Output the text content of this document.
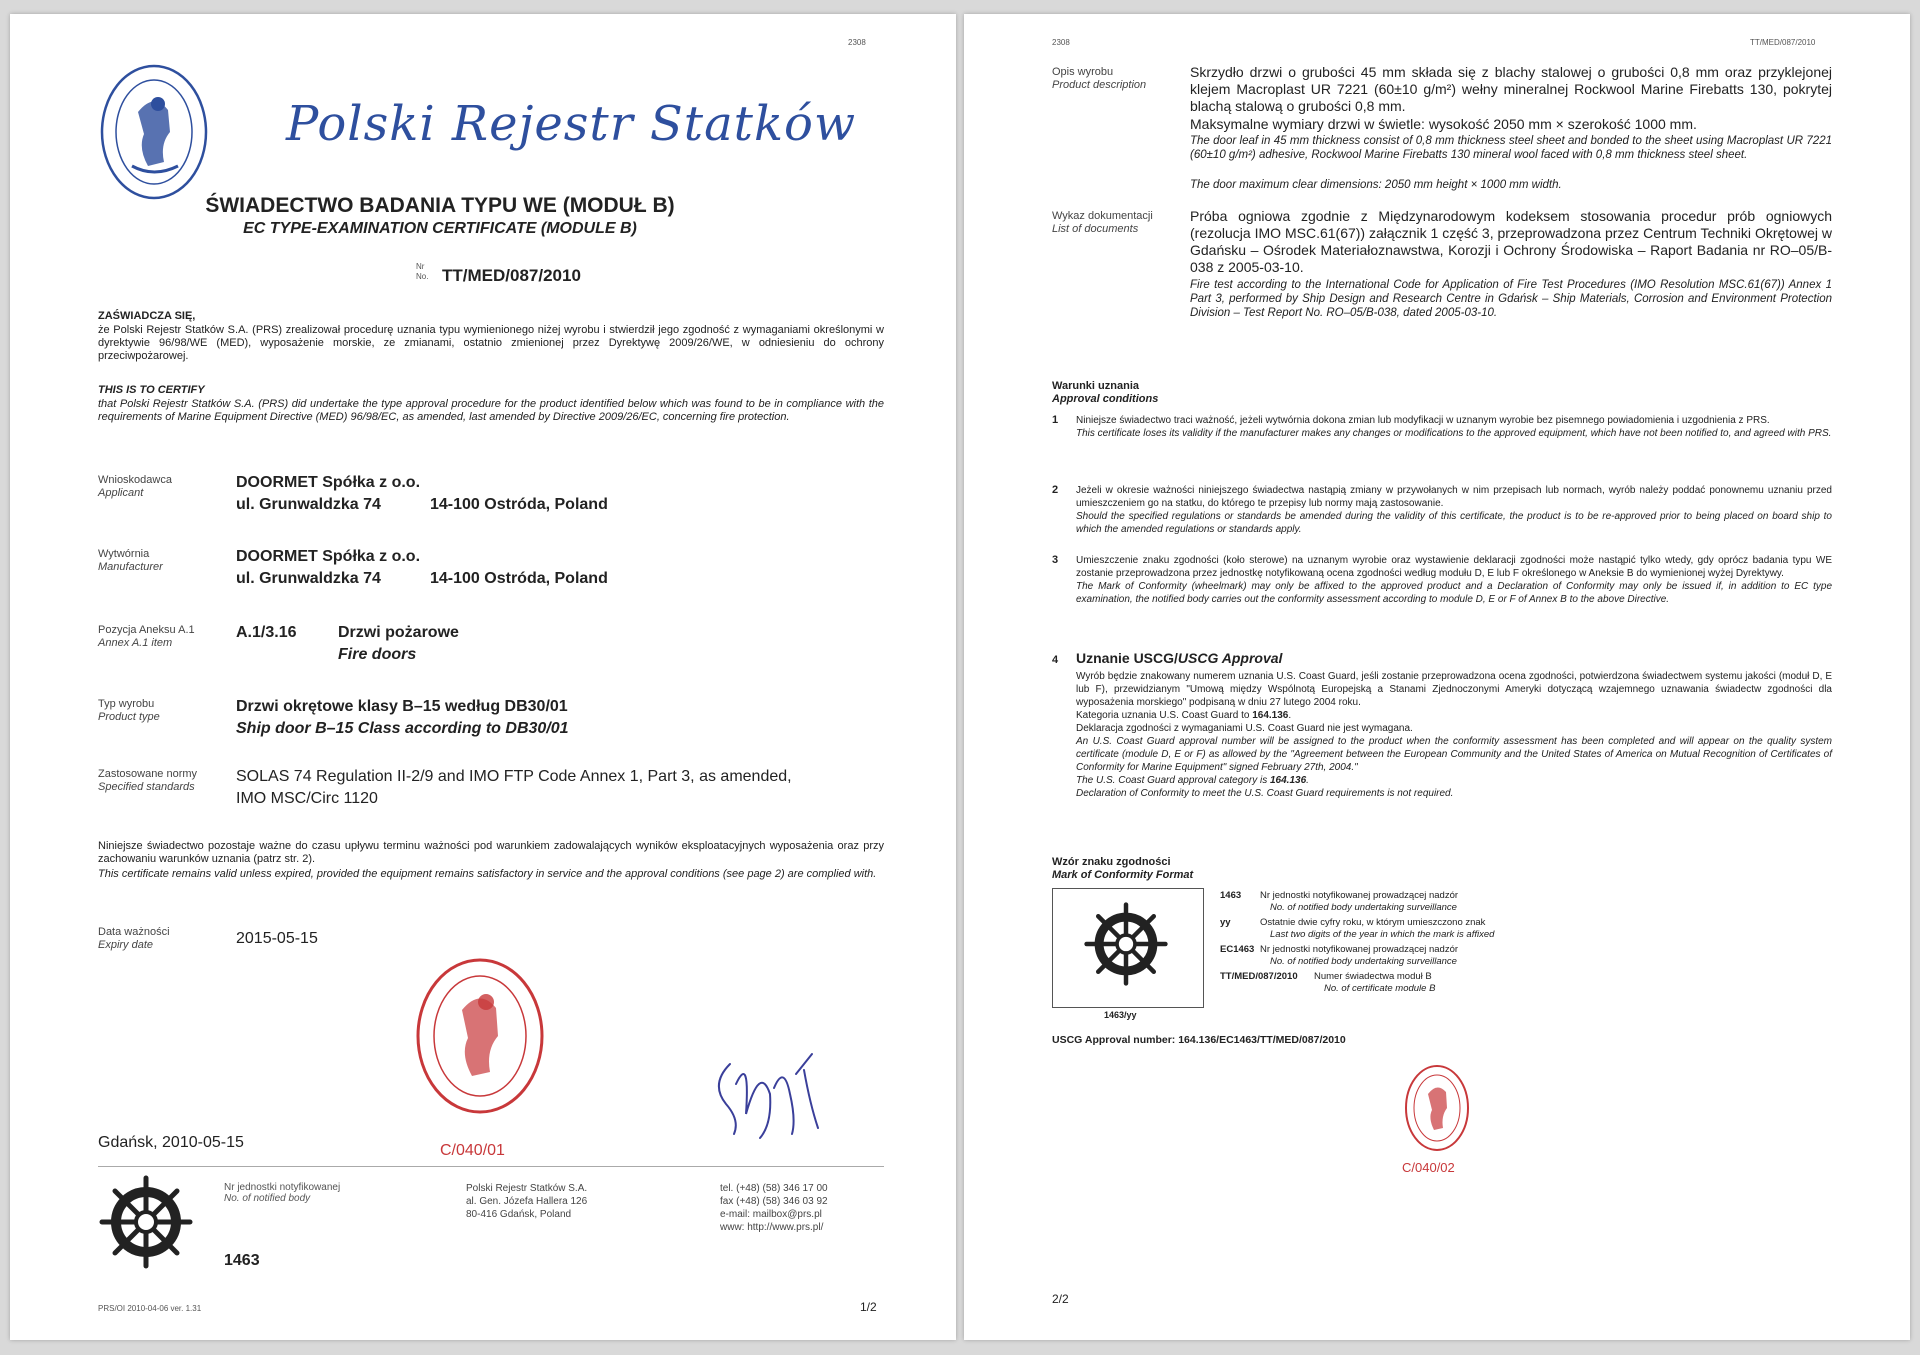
2308
Polski Rejestr Statków
ŚWIADECTWO BADANIA TYPU WE (MODUŁ B)
EC TYPE-EXAMINATION CERTIFICATE (MODULE B)
Nr
No. TT/MED/087/2010
ZAŚWIADCZA SIĘ,
że Polski Rejestr Statków S.A. (PRS) zrealizował procedurę uznania typu wymienionego niżej wyrobu i stwierdził jego zgodność z wymaganiami określonymi w dyrektywie 96/98/WE (MED), wyposażenie morskie, ze zmianami, ostatnio zmienionej przez Dyrektywę 2009/26/WE, w odniesieniu do ochrony przeciwpożarowej.
THIS IS TO CERTIFY
that Polski Rejestr Statków S.A. (PRS) did undertake the type approval procedure for the product identified below which was found to be in compliance with the requirements of Marine Equipment Directive (MED) 96/98/EC, as amended, last amended by Directive 2009/26/EC, concerning fire protection.
Wnioskodawca
Applicant
DOORMET Spółka z o.o.
ul. Grunwaldzka 74	14-100 Ostróda, Poland
Wytwórnia
Manufacturer
DOORMET Spółka z o.o.
ul. Grunwaldzka 74	14-100 Ostróda, Poland
Pozycja Aneksu A.1
Annex A.1 item
A.1/3.16	Drzwi pożarowe
Fire doors
Typ wyrobu
Product type
Drzwi okrętowe klasy B–15 według DB30/01
Ship door B–15 Class according to DB30/01
Zastosowane normy
Specified standards
SOLAS 74 Regulation II-2/9 and IMO FTP Code Annex 1, Part 3, as amended,
IMO MSC/Circ 1120
Niniejsze świadectwo pozostaje ważne do czasu upływu terminu ważności pod warunkiem zadowalających wyników eksploatacyjnych wyposażenia oraz przy zachowaniu warunków uznania (patrz str. 2).
This certificate remains valid unless expired, provided the equipment remains satisfactory in service and the approval conditions (see page 2) are complied with.
Data ważności
Expiry date	2015-05-15
C/040/01
Gdańsk, 2010-05-15
Nr jednostki notyfikowanej
No. of notified body
1463
Polski Rejestr Statków S.A.
al. Gen. Józefa Hallera 126
80-416 Gdańsk, Poland
tel. (+48) (58) 346 17 00
fax (+48) (58) 346 03 92
e-mail: mailbox@prs.pl
www: http://www.prs.pl/
PRS/OI 2010-04-06 ver. 1.31	1/2
2308	TT/MED/087/2010
Opis wyrobu
Product description
Skrzydło drzwi o grubości 45 mm składa się z blachy stalowej o grubości 0,8 mm oraz przyklejonej klejem Macroplast UR 7221 (60±10 g/m²) wełny mineralnej Rockwool Marine Firebatts 130, pokrytej blachą stalową o grubości 0,8 mm.
Maksymalne wymiary drzwi w świetle: wysokość 2050 mm × szerokość 1000 mm.
The door leaf in 45 mm thickness consist of 0,8 mm thickness steel sheet and bonded to the sheet using Macroplast UR 7221 (60±10 g/m²) adhesive, Rockwool Marine Firebatts 130 mineral wool faced with 0,8 mm thickness steel sheet.
The door maximum clear dimensions: 2050 mm height × 1000 mm width.
Wykaz dokumentacji
List of documents
Próba ogniowa zgodnie z Międzynarodowym kodeksem stosowania procedur prób ogniowych (rezolucja IMO MSC.61(67)) załącznik 1 część 3, przeprowadzona przez Centrum Techniki Okrętowej w Gdańsku – Ośrodek Materiałoznawstwa, Korozji i Ochrony Środowiska – Raport Badania nr RO–05/B-038 z 2005-03-10.
Fire test according to the International Code for Application of Fire Test Procedures (IMO Resolution MSC.61(67)) Annex 1 Part 3, performed by Ship Design and Research Centre in Gdańsk – Ship Materials, Corrosion and Environment Protection Division – Test Report No. RO–05/B-038, dated 2005-03-10.
Warunki uznania
Approval conditions
1 Niniejsze świadectwo traci ważność, jeżeli wytwórnia dokona zmian lub modyfikacji w uznanym wyrobie bez pisemnego powiadomienia i uzgodnienia z PRS.
This certificate loses its validity if the manufacturer makes any changes or modifications to the approved equipment, which have not been notified to, and agreed with PRS.
2 Jeżeli w okresie ważności niniejszego świadectwa nastąpią zmiany w przywołanych w nim przepisach lub normach, wyrób należy poddać ponownemu uznaniu przed umieszczeniem go na statku, do którego te przepisy lub normy mają zastosowanie.
Should the specified regulations or standards be amended during the validity of this certificate, the product is to be re-approved prior to being placed on board ship to which the amended regulations or standards apply.
3 Umieszczenie znaku zgodności (koło sterowe) na uznanym wyrobie oraz wystawienie deklaracji zgodności może nastąpić tylko wtedy, gdy oprócz badania typu WE zostanie przeprowadzona przez jednostkę notyfikowaną ocena zgodności według modułu D, E lub F określonego w Aneksie B do wymienionej wyżej Dyrektywy.
The Mark of Conformity (wheelmark) may only be affixed to the approved product and a Declaration of Conformity may only be issued if, in addition to EC type examination, the notified body carries out the conformity assessment according to module D, E or F of Annex B to the above Directive.
4 Uznanie USCG/USCG Approval
Wyrób będzie znakowany numerem uznania U.S. Coast Guard, jeśli zostanie przeprowadzona ocena zgodności, potwierdzona świadectwem systemu jakości (moduł D, E lub F), przewidzianym "Umową między Wspólnotą Europejską a Stanami Zjednoczonymi Ameryki dotyczącą wzajemnego uznawania świadectw zgodności dla wyposażenia morskiego" podpisaną w dniu 27 lutego 2004 roku.
Kategoria uznania U.S. Coast Guard to 164.136.
Deklaracja zgodności z wymaganiami U.S. Coast Guard nie jest wymagana.
An U.S. Coast Guard approval number will be assigned to the product when the conformity assessment has been completed and will appear on the quality system certificate (module D, E or F) as allowed by the "Agreement between the European Community and the United States of America on Mutual Recognition of Certificates of Conformity for Marine Equipment" signed February 27th, 2004."
The U.S. Coast Guard approval category is 164.136.
Declaration of Conformity to meet the U.S. Coast Guard requirements is not required.
Wzór znaku zgodności
Mark of Conformity Format
1463/yy
1463	Nr jednostki notyfikowanej prowadzącej nadzór
No. of notified body undertaking surveillance
yy	Ostatnie dwie cyfry roku, w którym umieszczono znak
Last two digits of the year in which the mark is affixed
EC1463 Nr jednostki notyfikowanej prowadzącej nadzór
No. of notified body undertaking surveillance
TT/MED/087/2010	Numer świadectwa moduł B
No. of certificate module B
USCG Approval number: 164.136/EC1463/TT/MED/087/2010
C/040/02
2/2
